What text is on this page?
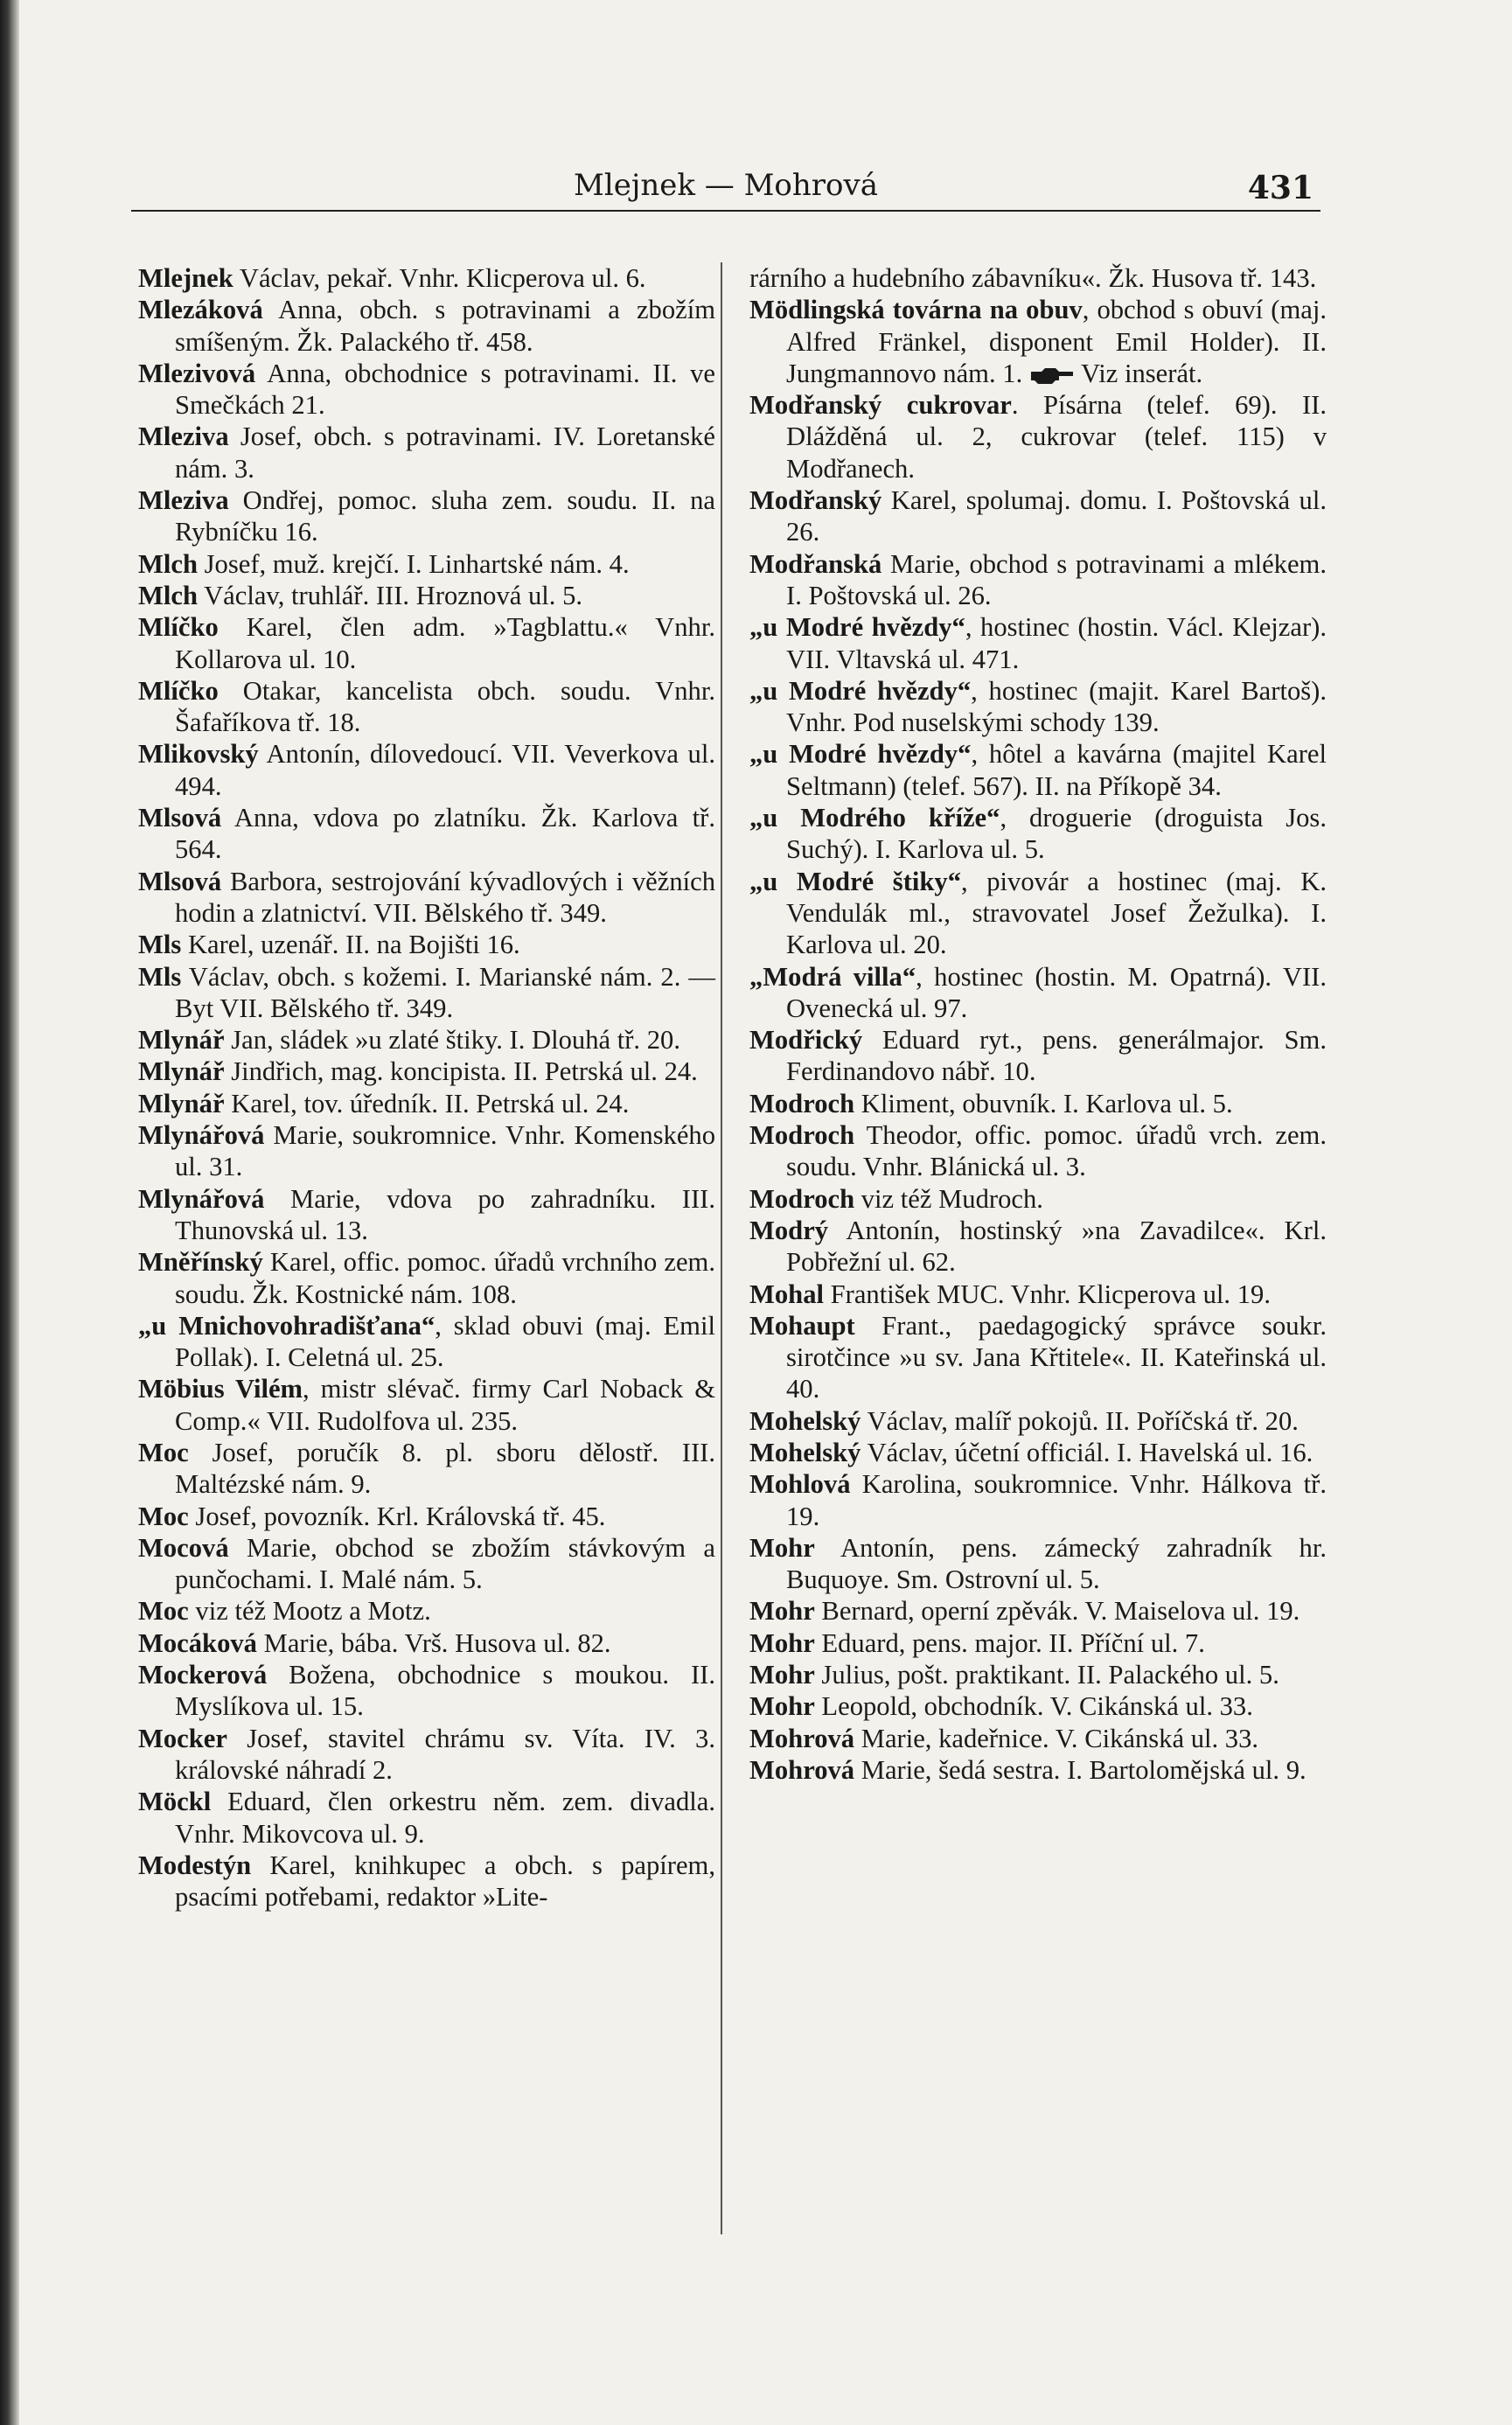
Mlejnek — Mohrová	431

Mlejnek Václav, pekař. Vnhr. Klicperova ul. 6.

Mlezáková Anna, obch. s potravinami a zbožím smíšeným. Žk. Palackého tř. 458.

Mlezivová Anna, obchodnice s potravinami. II. ve Smečkách 21.

Mleziva Josef, obch. s potravinami. IV. Loretanské nám. 3.

Mleziva Ondřej, pomoc. sluha zem. soudu. II. na Rybníčku 16.

Mlch Josef, muž. krejčí. I. Linhartské nám. 4.

Mlch Václav, truhlář. III. Hroznová ul. 5.

Mlíčko Karel, člen adm. »Tagblattu.« Vnhr. Kollarova ul. 10.

Mlíčko Otakar, kancelista obch. soudu. Vnhr. Šafaříkova tř. 18.

Mlikovský Antonín, dílovedoucí. VII. Veverkova ul. 494.

Mlsová Anna, vdova po zlatníku. Žk. Karlova tř. 564.

Mlsová Barbora, sestrojování kývadlových i věžních hodin a zlatnictví. VII. Bělského tř. 349.

Mls Karel, uzenář. II. na Bojišti 16.

Mls Václav, obch. s kožemi. I. Marianské nám. 2. — Byt VII. Bělského tř. 349.

Mlynář Jan, sládek »u zlaté štiky. I. Dlouhá tř. 20.

Mlynář Jindřich, mag. koncipista. II. Petrská ul. 24.

Mlynář Karel, tov. úředník. II. Petrská ul. 24.

Mlynářová Marie, soukromnice. Vnhr. Komenského ul. 31.

Mlynářová Marie, vdova po zahradníku. III. Thunovská ul. 13.

Mněřínský Karel, offic. pomoc. úřadů vrchního zem. soudu. Žk. Kostnické nám. 108.

„u Mnichovohradišťana“, sklad obuvi (maj. Emil Pollak). I. Celetná ul. 25.

Möbius Vilém, mistr slévač. firmy Carl Noback & Comp.« VII. Rudolfova ul. 235.

Moc Josef, poručík 8. pl. sboru dělostř. III. Maltézské nám. 9.

Moc Josef, povozník. Krl. Královská tř. 45.

Mocová Marie, obchod se zbožím stávkovým a punčochami. I. Malé nám. 5.

Moc viz též Mootz a Motz.

Mocáková Marie, bába. Vrš. Husova ul. 82.

Mockerová Božena, obchodnice s moukou. II. Myslíkova ul. 15.

Mocker Josef, stavitel chrámu sv. Víta. IV. 3. královské náhradí 2.

Möckl Eduard, člen orkestru něm. zem. divadla. Vnhr. Mikovcova ul. 9.

Modestýn Karel, knihkupec a obch. s papírem, psacími potřebami, redaktor »Lite-

rárního a hudebního zábavníku«. Žk. Husova tř. 143.

Mödlingská továrna na obuv, obchod s obuví (maj. Alfred Fränkel, disponent Emil Holder). II. Jungmannovo nám. 1.
Viz inserát.

Modřanský cukrovar. Písárna (telef. 69). II. Dlážděná ul. 2, cukrovar (telef. 115) v Modřanech.

Modřanský Karel, spolumaj. domu. I. Poštovská ul. 26.

Modřanská Marie, obchod s potravinami a mlékem. I. Poštovská ul. 26.

„u Modré hvězdy“, hostinec (hostin. Václ. Klejzar). VII. Vltavská ul. 471.

„u Modré hvězdy“, hostinec (majit. Karel Bartoš). Vnhr. Pod nuselskými schody 139.

„u Modré hvězdy“, hôtel a kavárna (majitel Karel Seltmann) (telef. 567). II. na Příkopě 34.

„u Modrého kříže“, droguerie (droguista Jos. Suchý). I. Karlova ul. 5.

„u Modré štiky“, pivovár a hostinec (maj. K. Vendulák ml., stravovatel Josef Žežulka). I. Karlova ul. 20.

„Modrá villa“, hostinec (hostin. M. Opatrná). VII. Ovenecká ul. 97.

Modřický Eduard ryt., pens. generálmajor. Sm. Ferdinandovo nábř. 10.

Modroch Kliment, obuvník. I. Karlova ul. 5.

Modroch Theodor, offic. pomoc. úřadů vrch. zem. soudu. Vnhr. Blánická ul. 3.

Modroch viz též Mudroch.

Modrý Antonín, hostinský »na Zavadilce«. Krl. Pobřežní ul. 62.

Mohal František MUC. Vnhr. Klicperova ul. 19.

Mohaupt Frant., paedagogický správce soukr. sirotčince »u sv. Jana Křtitele«. II. Kateřinská ul. 40.

Mohelský Václav, malíř pokojů. II. Poříčská tř. 20.

Mohelský Václav, účetní officiál. I. Havelská ul. 16.

Mohlová Karolina, soukromnice. Vnhr. Hálkova tř. 19.

Mohr Antonín, pens. zámecký zahradník hr. Buquoye. Sm. Ostrovní ul. 5.

Mohr Bernard, operní zpěvák. V. Maiselova ul. 19.

Mohr Eduard, pens. major. II. Příční ul. 7.

Mohr Julius, pošt. praktikant. II. Palackého ul. 5.

Mohr Leopold, obchodník. V. Cikánská ul. 33.

Mohrová Marie, kadeřnice. V. Cikánská ul. 33.

Mohrová Marie, šedá sestra. I. Bartolomějská ul. 9.
